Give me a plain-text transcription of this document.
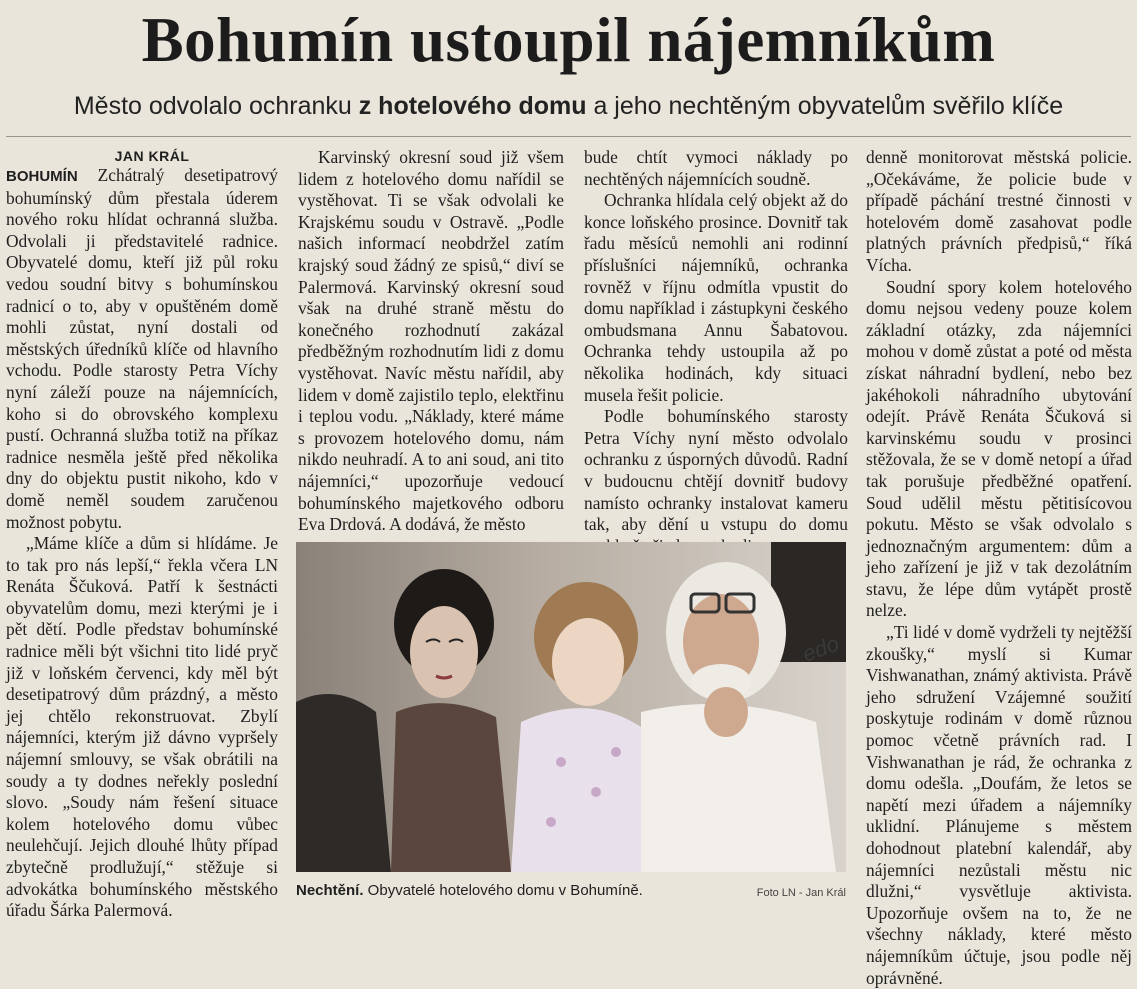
Bohumín ustoupil nájemníkům
Město odvolalo ochranku z hotelového domu a jeho nechtěným obyvatelům svěřilo klíče

JAN KRÁL

BOHUMÍN Zchátralý desetipatrový bohumínský dům přestala úderem nového roku hlídat ochranná služba. Odvolali ji představitelé radnice. Obyvatelé domu, kteří již půl roku vedou soudní bitvy s bohumínskou radnicí o to, aby v opuštěném domě mohli zůstat, nyní dostali od městských úředníků klíče od hlavního vchodu. Podle starosty Petra Víchy nyní záleží pouze na nájemnících, koho si do obrovského komplexu pustí. Ochranná služba totiž na příkaz radnice nesměla ještě před několika dny do objektu pustit nikoho, kdo v domě neměl soudem zaručenou možnost pobytu.

„Máme klíče a dům si hlídáme. Je to tak pro nás lepší,“ řekla včera LN Renáta Ščuková. Patří k šestnácti obyvatelům domu, mezi kterými je i pět dětí. Podle představ bohumínské radnice měli být všichni tito lidé pryč již v loňském červenci, kdy měl být desetipatrový dům prázdný, a město jej chtělo rekonstruovat. Zbylí nájemníci, kterým již dávno vypršely nájemní smlouvy, se však obrátili na soudy a ty dodnes neřekly poslední slovo. „Soudy nám řešení situace kolem hotelového domu vůbec neulehčují. Jejich dlouhé lhůty případ zbytečně prodlužují,“ stěžuje si advokátka bohumínského městského úřadu Šárka Palermová.

Karvinský okresní soud již všem lidem z hotelového domu nařídil se vystěhovat. Ti se však odvolali ke Krajskému soudu v Ostravě. „Podle našich informací neobdržel zatím krajský soud žádný ze spisů,“ diví se Palermová. Karvinský okresní soud však na druhé straně městu do konečného rozhodnutí zakázal předběžným rozhodnutím lidi z domu vystěhovat. Navíc městu nařídil, aby lidem v domě zajistilo teplo, elektřinu i teplou vodu. „Náklady, které máme s provozem hotelového domu, nám nikdo neuhradí. A to ani soud, ani tito nájemníci,“ upozorňuje vedoucí bohumínského majetkového odboru Eva Drdová. A dodává, že město

bude chtít vymoci náklady po nechtěných nájemnících soudně.

Ochranka hlídala celý objekt až do konce loňského prosince. Dovnitř tak řadu měsíců nemohli ani rodinní příslušníci nájemníků, ochranka rovněž v říjnu odmítla vpustit do domu například i zástupkyni českého ombudsmana Annu Šabatovou. Ochranka tehdy ustoupila až po několika hodinách, kdy situaci musela řešit policie.

Podle bohumínského starosty Petra Víchy nyní město odvolalo ochranku z úsporných důvodů. Radní v budoucnu chtějí dovnitř budovy namísto ochranky instalovat kameru tak, aby dění u vstupu do domu

denně monitorovat městská policie. „Očekáváme, že policie bude v případě páchání trestné činnosti v hotelovém domě zasahovat podle platných právních předpisů,“ říká Vícha.

Soudní spory kolem hotelového domu nejsou vedeny pouze kolem základní otázky, zda nájemníci mohou v domě zůstat a poté od města získat náhradní bydlení, nebo bez jakéhokoli náhradního ubytování odejít. Právě Renáta Ščuková si karvinskému soudu v prosinci stěžovala, že se v domě netopí a úřad tak porušuje předběžné opatření. Soud udělil městu pětitisícovou pokutu. Město se však odvolalo s jednoznačným argumentem: dům a jeho zařízení je již v tak dezolátním stavu, že lépe dům vytápět prostě nelze.

„Ti lidé v domě vydrželi ty nejtěžší zkoušky,“ myslí si Kumar Vishwanathan, známý aktivista. Právě jeho sdružení Vzájemné soužití poskytuje rodinám v domě různou pomoc včetně právních rad. I Vishwanathan je rád, že ochranka z domu odešla. „Doufám, že letos se napětí mezi úřadem a nájemníky uklidní. Plánujeme s městem dohodnout platební kalendář, aby nájemníci nezůstali městu nic dlužni,“ vysvětluje aktivista. Upozorňuje ovšem na to, že ne všechny náklady, které město nájemníkům účtuje, jsou podle něj oprávněné.

edo
Nechtění. Obyvatelé hotelového domu v Bohumíně.	Foto LN - Jan Král
